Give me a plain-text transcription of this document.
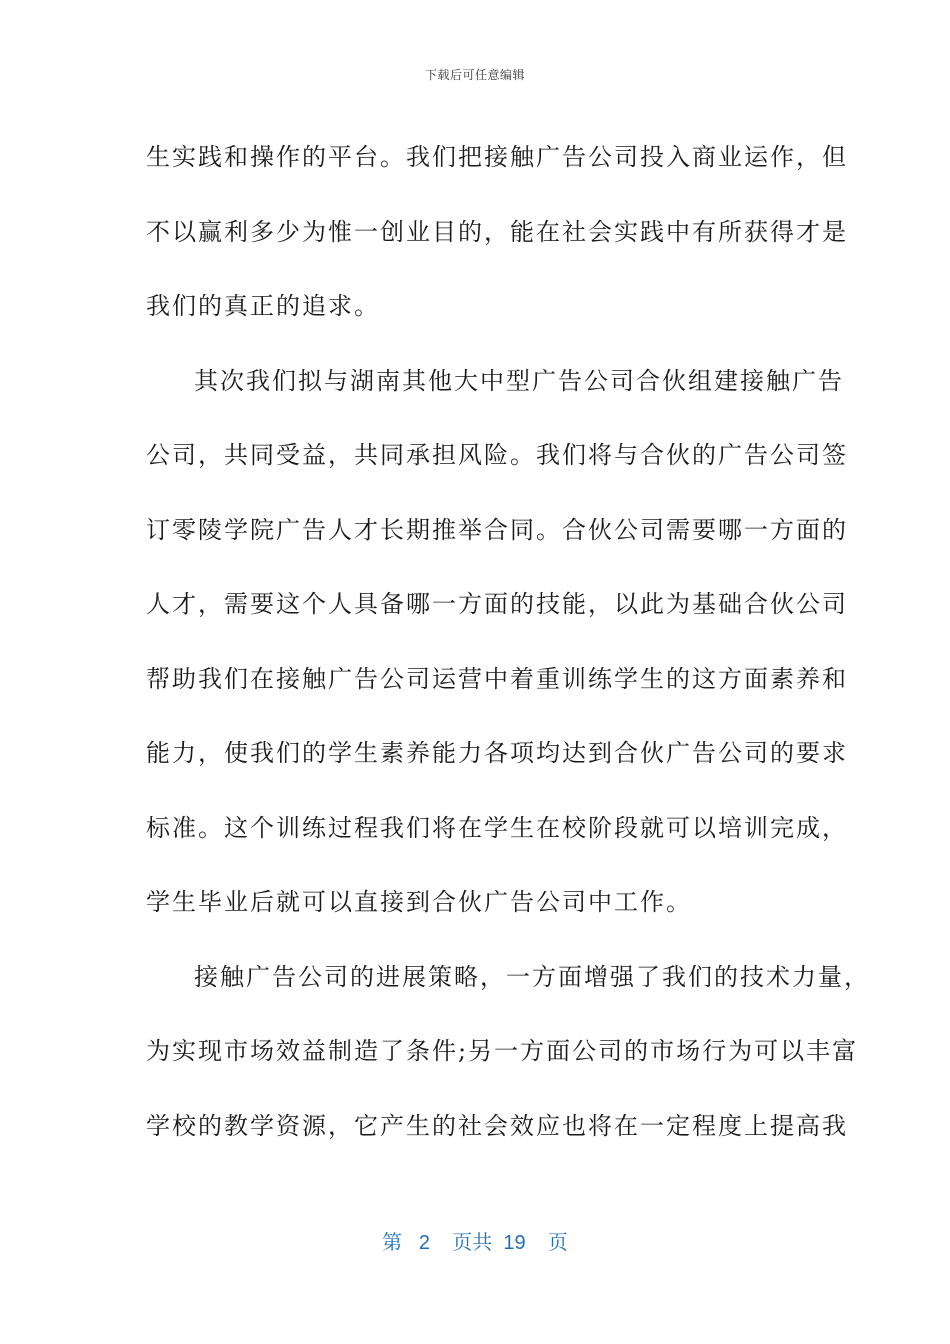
下载后可任意编辑
生实践和操作的平台。我们把接触广告公司投入商业运作，但
不以赢利多少为惟一创业目的，能在社会实践中有所获得才是
我们的真正的追求。
其次我们拟与湖南其他大中型广告公司合伙组建接触广告
公司，共同受益，共同承担风险。我们将与合伙的广告公司签
订零陵学院广告人才长期推举合同。合伙公司需要哪一方面的
人才，需要这个人具备哪一方面的技能，以此为基础合伙公司
帮助我们在接触广告公司运营中着重训练学生的这方面素养和
能力，使我们的学生素养能力各项均达到合伙广告公司的要求
标准。这个训练过程我们将在学生在校阶段就可以培训完成，
学生毕业后就可以直接到合伙广告公司中工作。
接触广告公司的进展策略，一方面增强了我们的技术力量，
为实现市场效益制造了条件;另一方面公司的市场行为可以丰富
学校的教学资源，它产生的社会效应也将在一定程度上提高我
第 2 页共 19 页
